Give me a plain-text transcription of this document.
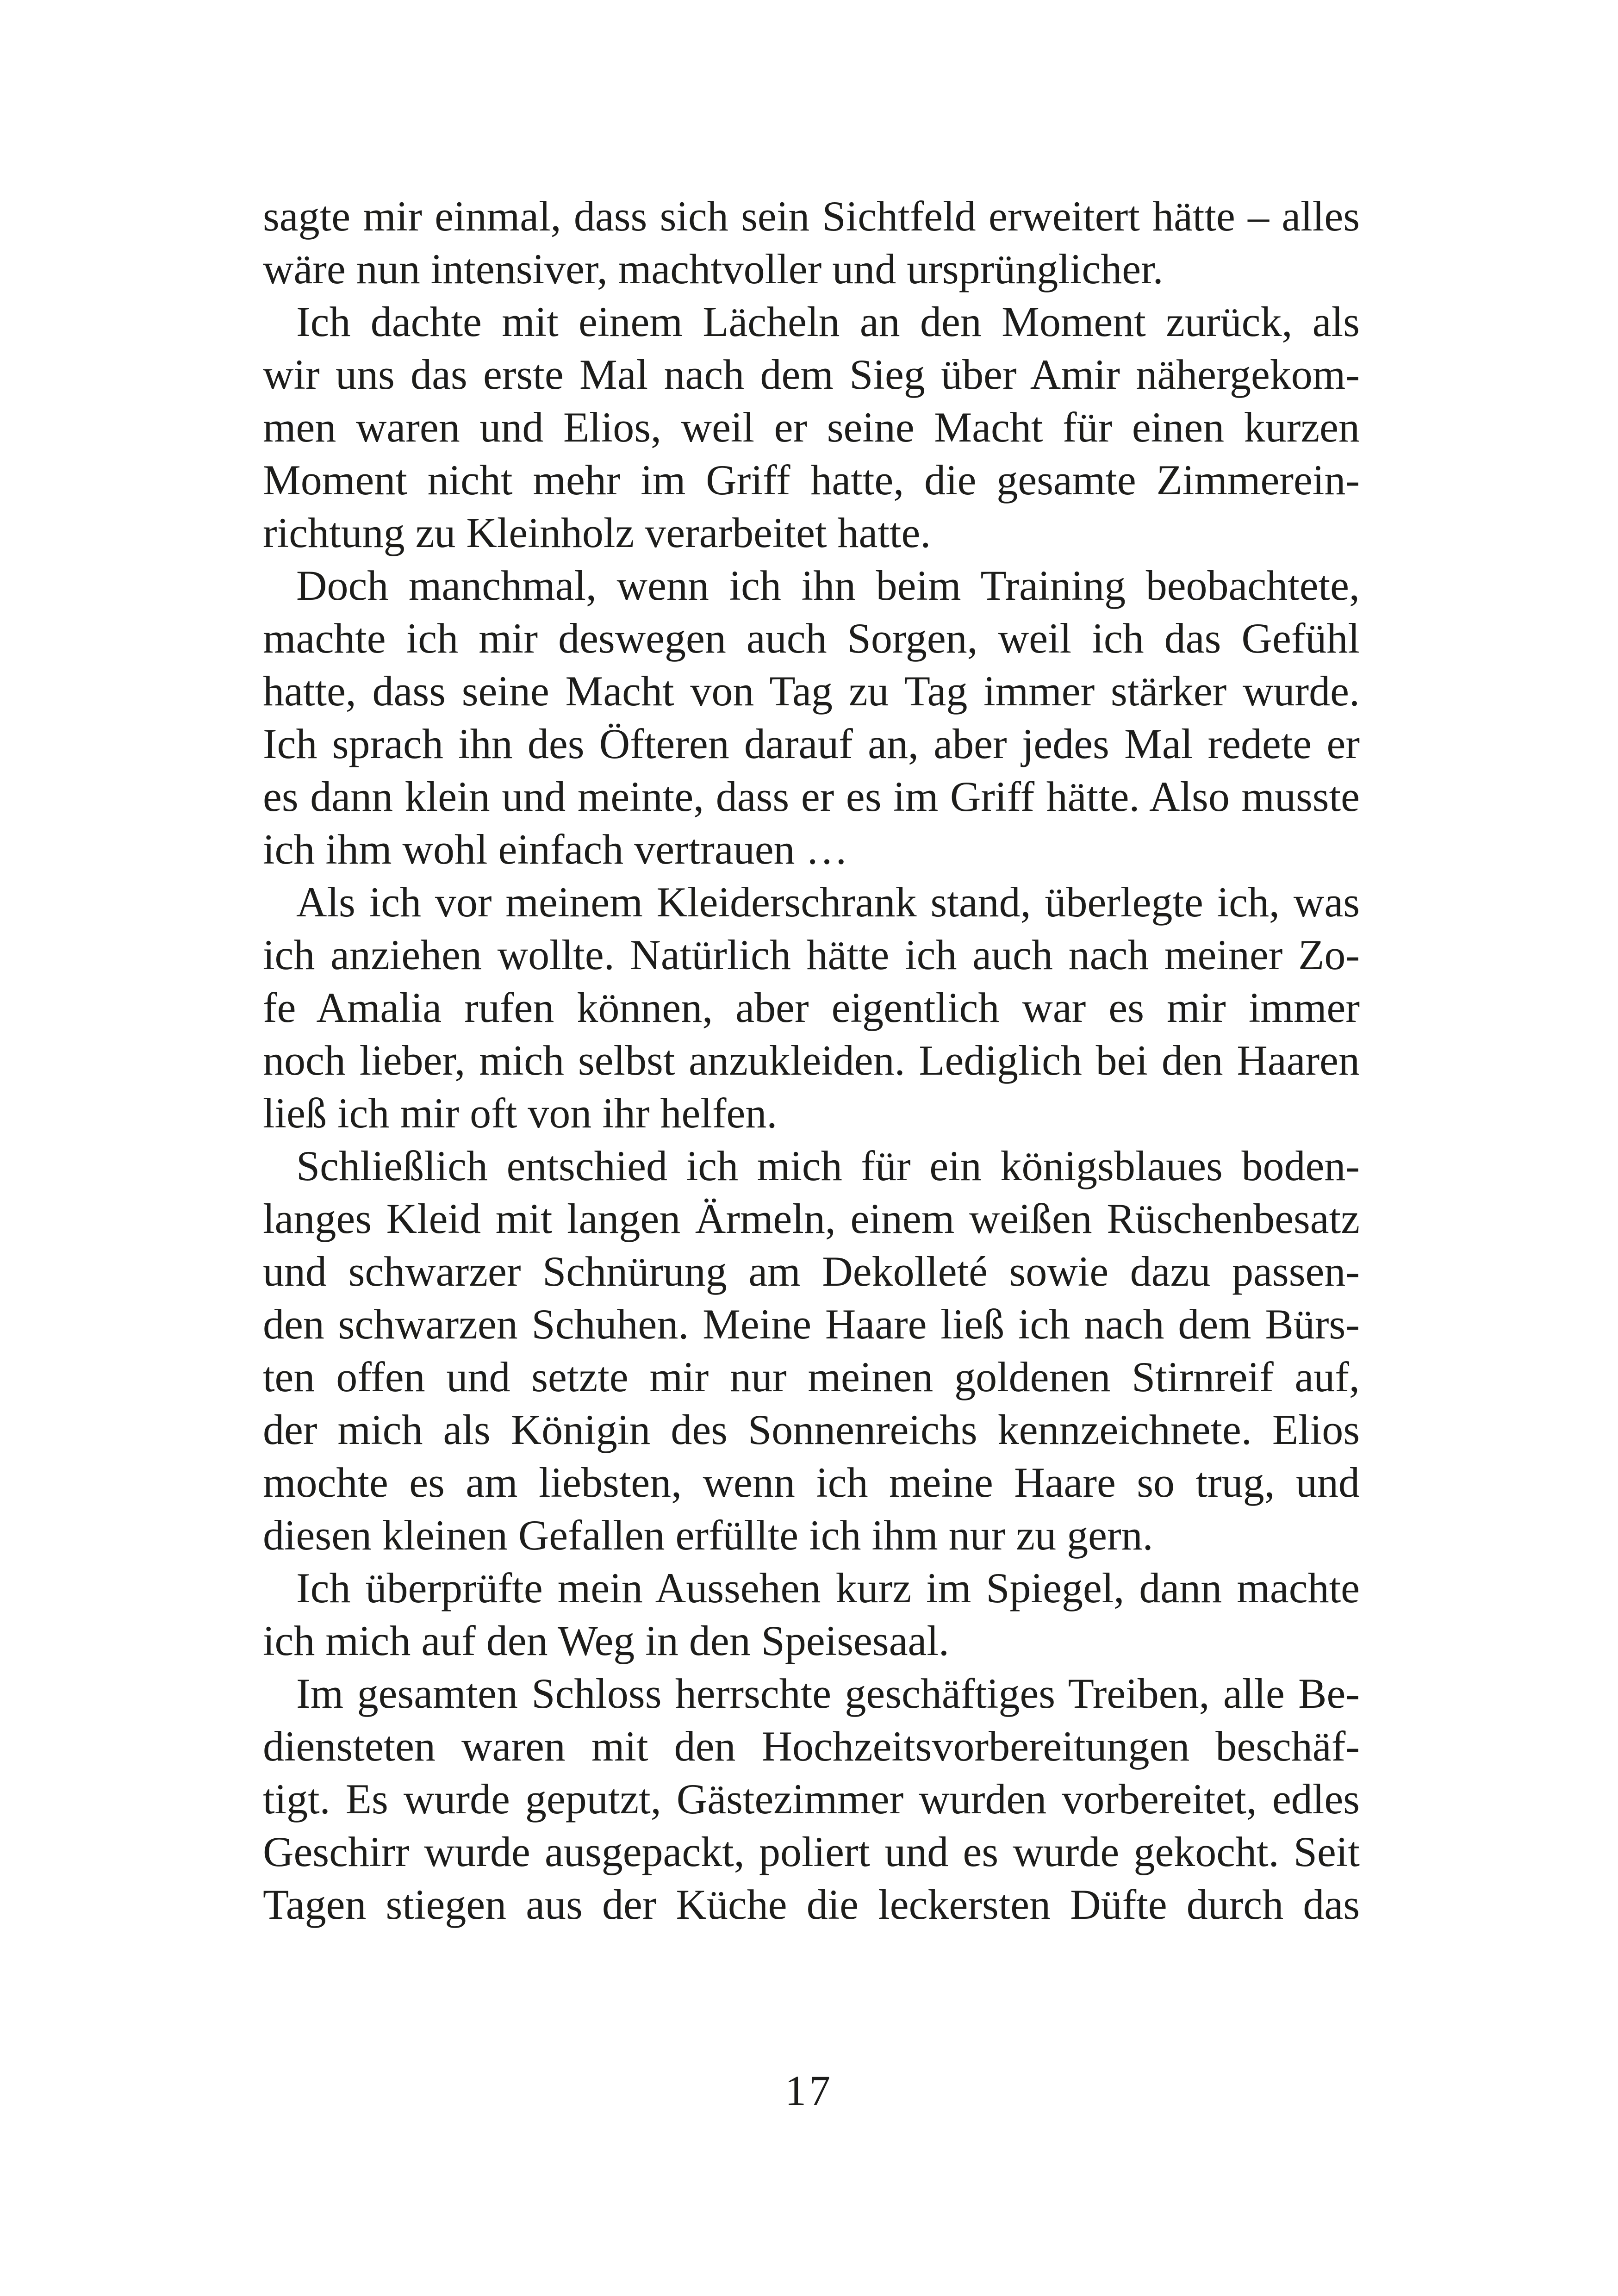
sagte mir einmal, dass sich sein Sichtfeld erweitert hätte – alles
wäre nun intensiver, machtvoller und ursprünglicher.
Ich dachte mit einem Lächeln an den Moment zurück, als
wir uns das erste Mal nach dem Sieg über Amir nähergekom-
men waren und Elios, weil er seine Macht für einen kurzen
Moment nicht mehr im Griff hatte, die gesamte Zimmerein-
richtung zu Kleinholz verarbeitet hatte.
Doch manchmal, wenn ich ihn beim Training beobachtete,
machte ich mir deswegen auch Sorgen, weil ich das Gefühl
hatte, dass seine Macht von Tag zu Tag immer stärker wurde.
Ich sprach ihn des Öfteren darauf an, aber jedes Mal redete er
es dann klein und meinte, dass er es im Griff hätte. Also musste
ich ihm wohl einfach vertrauen …
Als ich vor meinem Kleiderschrank stand, überlegte ich, was
ich anziehen wollte. Natürlich hätte ich auch nach meiner Zo-
fe Amalia rufen können, aber eigentlich war es mir immer
noch lieber, mich selbst anzukleiden. Lediglich bei den Haaren
ließ ich mir oft von ihr helfen.
Schließlich entschied ich mich für ein königsblaues boden-
langes Kleid mit langen Ärmeln, einem weißen Rüschenbesatz
und schwarzer Schnürung am Dekolleté sowie dazu passen-
den schwarzen Schuhen. Meine Haare ließ ich nach dem Bürs-
ten offen und setzte mir nur meinen goldenen Stirnreif auf,
der mich als Königin des Sonnenreichs kennzeichnete. Elios
mochte es am liebsten, wenn ich meine Haare so trug, und
diesen kleinen Gefallen erfüllte ich ihm nur zu gern.
Ich überprüfte mein Aussehen kurz im Spiegel, dann machte
ich mich auf den Weg in den Speisesaal.
Im gesamten Schloss herrschte geschäftiges Treiben, alle Be-
diensteten waren mit den Hochzeitsvorbereitungen beschäf-
tigt. Es wurde geputzt, Gästezimmer wurden vorbereitet, edles
Geschirr wurde ausgepackt, poliert und es wurde gekocht. Seit
Tagen stiegen aus der Küche die leckersten Düfte durch das
17
